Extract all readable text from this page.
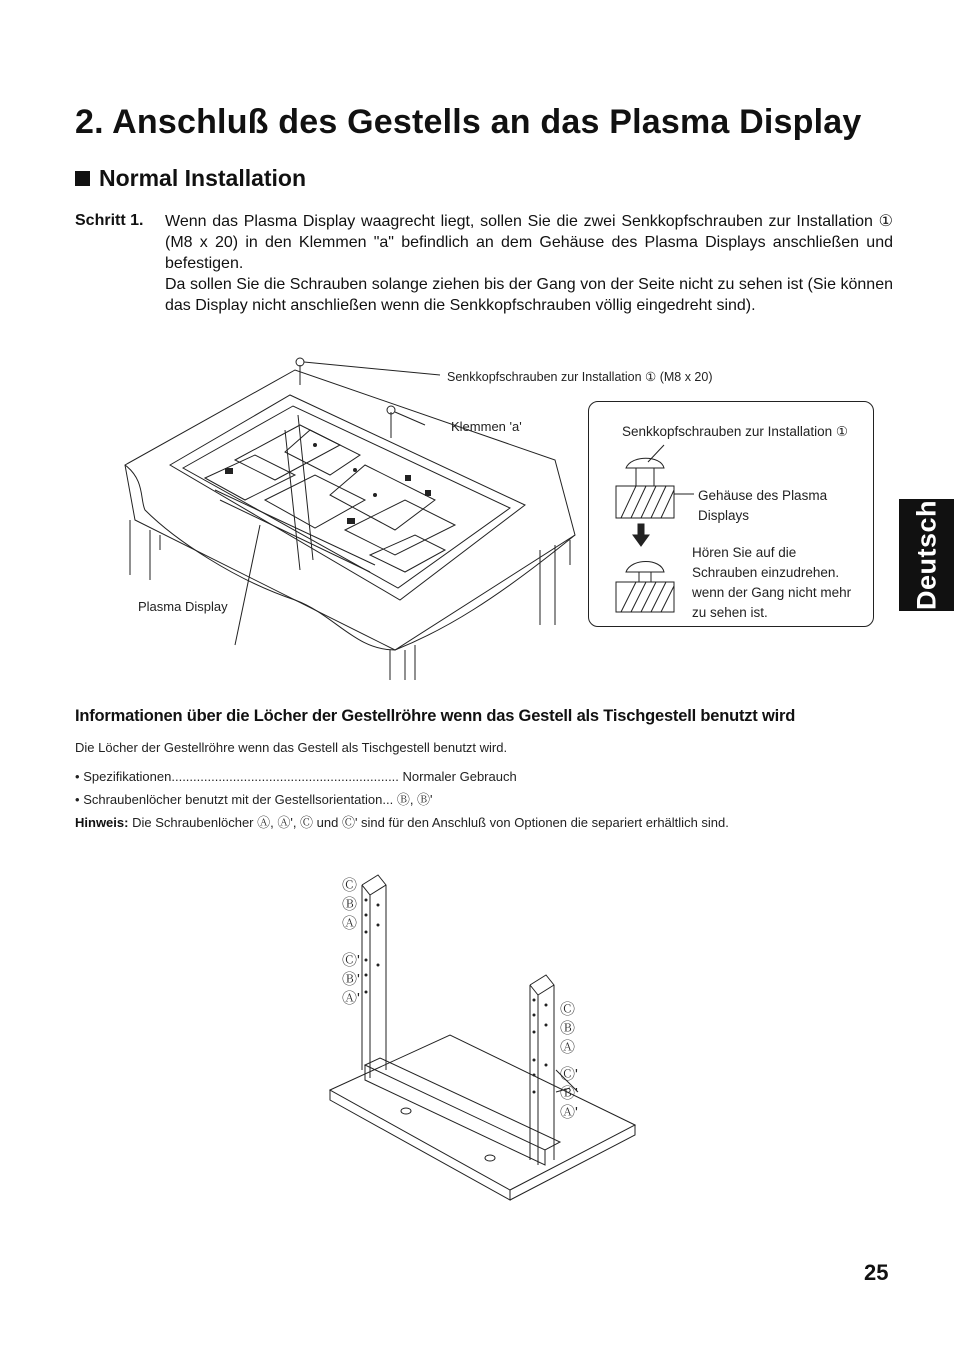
2. Anschluß des Gestells an das Plasma Display
Normal Installation
Schritt 1. Wenn das Plasma Display waagrecht liegt, sollen Sie die zwei Senkkopfschrauben zur Installation ① (M8 x 20) in den Klemmen "a" befindlich an dem Gehäuse des Plasma Displays anschließen und befestigen.

Da sollen Sie die Schrauben solange ziehen bis der Gang von der Seite nicht zu sehen ist (Sie können das Display nicht anschließen wenn die Senkkopfschrauben völlig eingedreht sind).

Senkkopfschrauben zur Installation ① (M8 x 20)
Klemmen 'a'
Plasma Display
Senkkopfschrauben zur Installation ①
Gehäuse des Plasma
Displays
Hören Sie auf die
Schrauben einzudrehen.
wenn der Gang nicht mehr
zu sehen ist.
Deutsch
Informationen über die Löcher der Gestellröhre wenn das Gestell als Tischgestell benutzt wird
Die Löcher der Gestellröhre wenn das Gestell als Tischgestell benutzt wird.
• Spezifikationen............................................................... Normaler Gebrauch
• Schraubenlöcher benutzt mit der Gestellsorientation... Ⓑ, Ⓑ'
Hinweis: Die Schraubenlöcher Ⓐ, Ⓐ', Ⓒ und Ⓒ' sind für den Anschluß von Optionen die separiert erhältlich sind.
Ⓒ
Ⓑ
Ⓐ
Ⓒ'
Ⓑ'
Ⓐ'
Ⓒ
Ⓑ
Ⓐ
Ⓒ'
Ⓑ'
Ⓐ'
25
